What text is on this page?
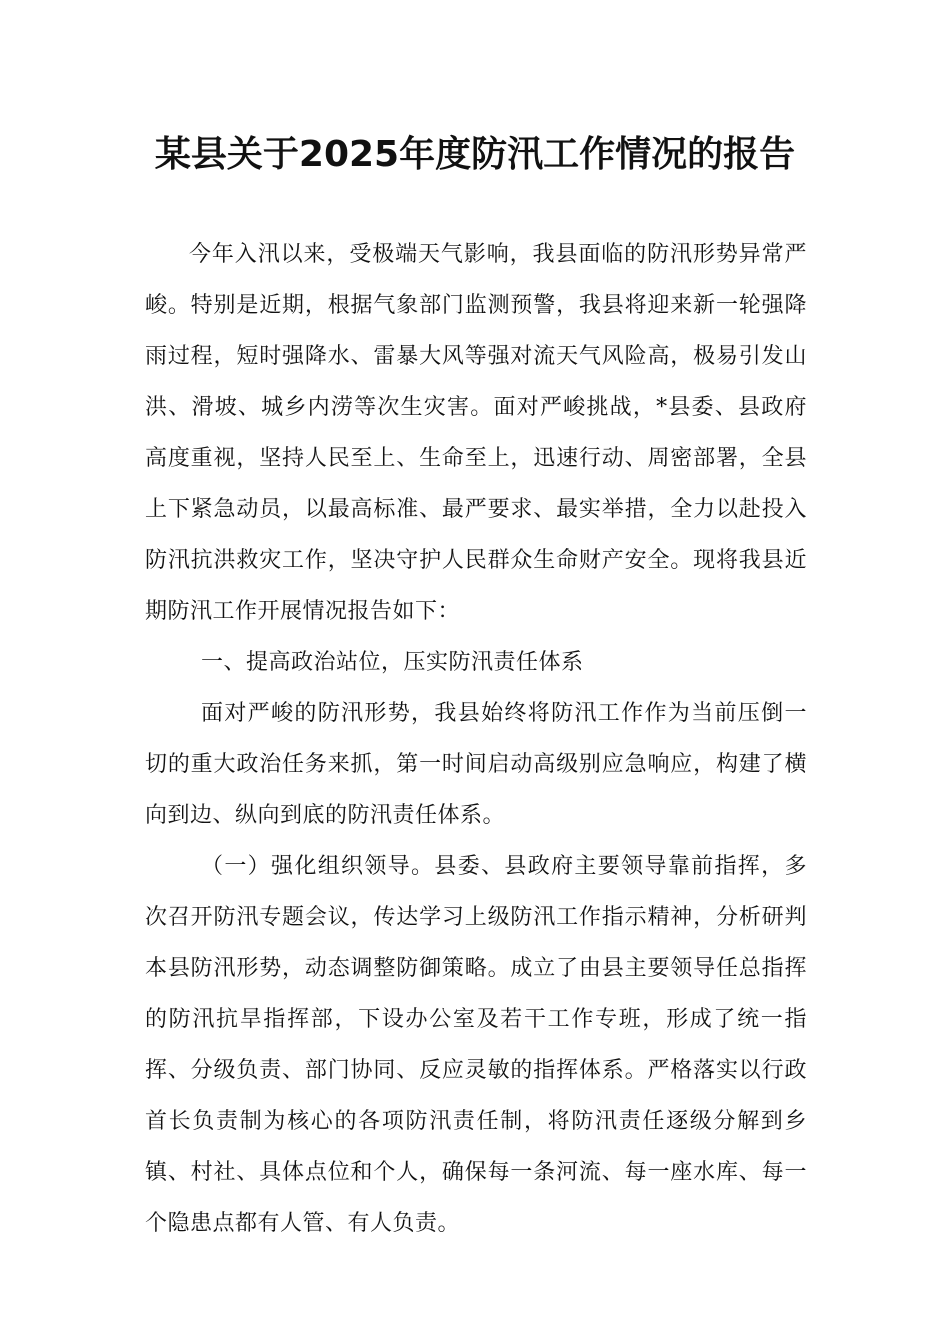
某县关于2025年度防汛工作情况的报告

今年入汛以来，受极端天气影响，我县面临的防汛形势异常严峻。特别是近期，根据气象部门监测预警，我县将迎来新一轮强降雨过程，短时强降水、雷暴大风等强对流天气风险高，极易引发山洪、滑坡、城乡内涝等次生灾害。面对严峻挑战，*县委、县政府高度重视，坚持人民至上、生命至上，迅速行动、周密部署，全县上下紧急动员，以最高标准、最严要求、最实举措，全力以赴投入防汛抗洪救灾工作，坚决守护人民群众生命财产安全。现将我县近期防汛工作开展情况报告如下：

一、提高政治站位，压实防汛责任体系

面对严峻的防汛形势，我县始终将防汛工作作为当前压倒一切的重大政治任务来抓，第一时间启动高级别应急响应，构建了横向到边、纵向到底的防汛责任体系。

（一）强化组织领导。县委、县政府主要领导靠前指挥，多次召开防汛专题会议，传达学习上级防汛工作指示精神，分析研判本县防汛形势，动态调整防御策略。成立了由县主要领导任总指挥的防汛抗旱指挥部，下设办公室及若干工作专班，形成了统一指挥、分级负责、部门协同、反应灵敏的指挥体系。严格落实以行政首长负责制为核心的各项防汛责任制，将防汛责任逐级分解到乡镇、村社、具体点位和个人，确保每一条河流、每一座水库、每一个隐患点都有人管、有人负责。
